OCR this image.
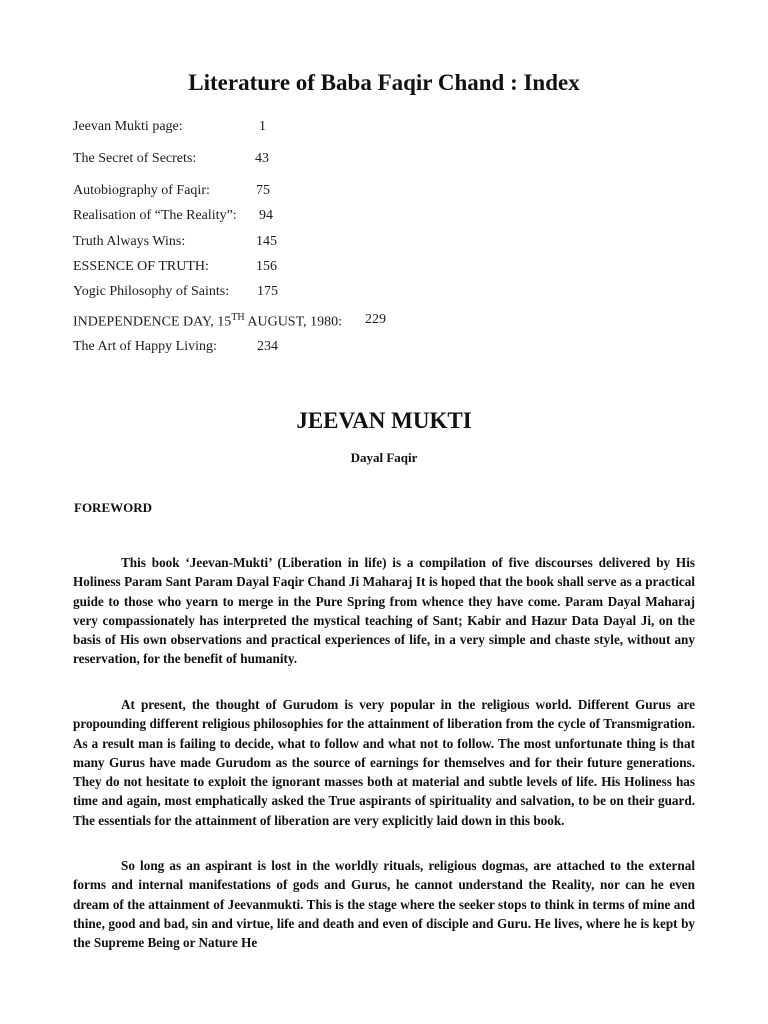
Literature of Baba Faqir Chand : Index
Jeevan Mukti page:	1
The Secret of Secrets:	43
Autobiography of Faqir:	75
Realisation of “The Reality”: 94
Truth Always Wins:	145
ESSENCE OF TRUTH:	156
Yogic Philosophy of Saints: 175
INDEPENDENCE DAY, 15TH AUGUST, 1980: 229
The Art of Happy Living:	234
JEEVAN MUKTI
Dayal Faqir
FOREWORD

This book ‘Jeevan-Mukti’ (Liberation in life) is a compilation of five discourses delivered by His Holiness Param Sant Param Dayal Faqir Chand Ji Maharaj It is hoped that the book shall serve as a practical guide to those who yearn to merge in the Pure Spring from whence they have come. Param Dayal Maharaj very compassionately has interpreted the mystical teaching of Sant; Kabir and Hazur Data Dayal Ji, on the basis of His own observations and practical experiences of life, in a very simple and chaste style, without any reservation, for the benefit of humanity.

At present, the thought of Gurudom is very popular in the religious world. Different Gurus are propounding different religious philosophies for the attainment of liberation from the cycle of Transmigration. As a result man is failing to decide, what to follow and what not to follow. The most unfortunate thing is that many Gurus have made Gurudom as the source of earnings for themselves and for their future generations. They do not hesitate to exploit the ignorant masses both at material and subtle levels of life. His Holiness has time and again, most emphatically asked the True aspirants of spirituality and salvation, to be on their guard. The essentials for the attainment of liberation are very explicitly laid down in this book.

So long as an aspirant is lost in the worldly rituals, religious dogmas, are attached to the external forms and internal manifestations of gods and Gurus, he cannot understand the Reality, nor can he even dream of the attainment of Jeevanmukti. This is the stage where the seeker stops to think in terms of mine and thine, good and bad, sin and virtue, life and death and even of disciple and Guru. He lives, where he is kept by the Supreme Being or Nature He
